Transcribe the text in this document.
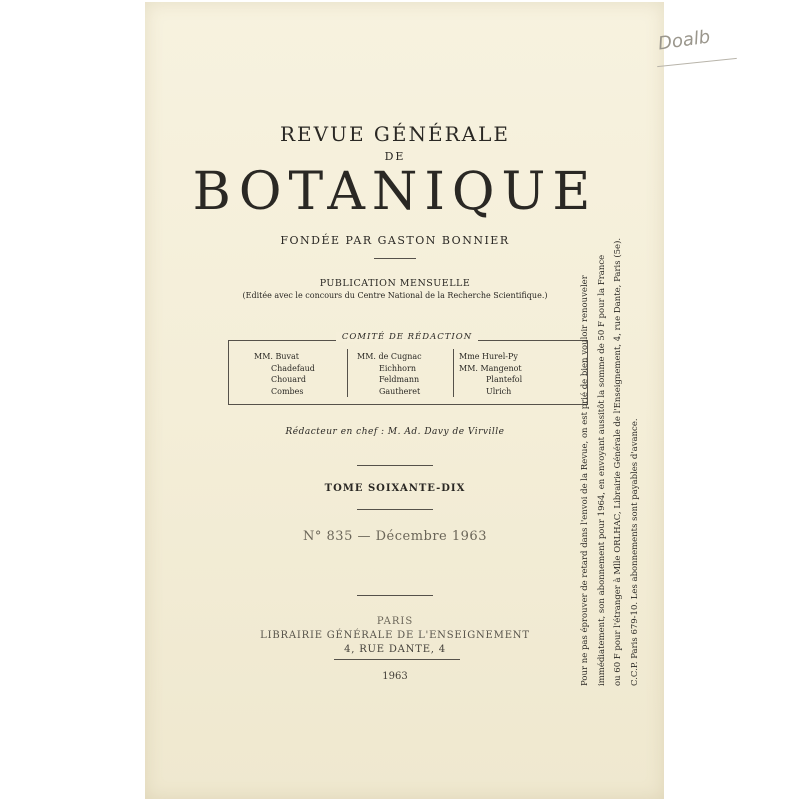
Doalb
REVUE GÉNÉRALE
DE
BOTANIQUE
FONDÉE PAR GASTON BONNIER
PUBLICATION MENSUELLE
(Editée avec le concours du Centre National de la Recherche Scientifique.)
MM. Buvat
Chadefaud
Chouard
Combes
MM. de Cugnac
Eichhorn
Feldmann
Gautheret
Mme Hurel-Py
MM. Mangenot
Plantefol
Ulrich
COMITÉ DE RÉDACTION
Rédacteur en chef : M. Ad. Davy de Virville
TOME SOIXANTE-DIX
N° 835 — Décembre 1963
PARIS
LIBRAIRIE GÉNÉRALE DE L'ENSEIGNEMENT
4, RUE DANTE, 4
1963	Pour ne pas éprouver de retard dans l'envoi de la Revue, on est prié de bien vouloir renouveler immédiatement, son abonnement pour 1964, en envoyant aussitôt la somme de 50 F pour la France ou 60 F pour l'étranger à Mlle ORLHAC, Librairie Générale de l'Enseignement, 4, rue Dante, Paris (5e). C.C.P. Paris 679-10. Les abonnements sont payables d'avance.
